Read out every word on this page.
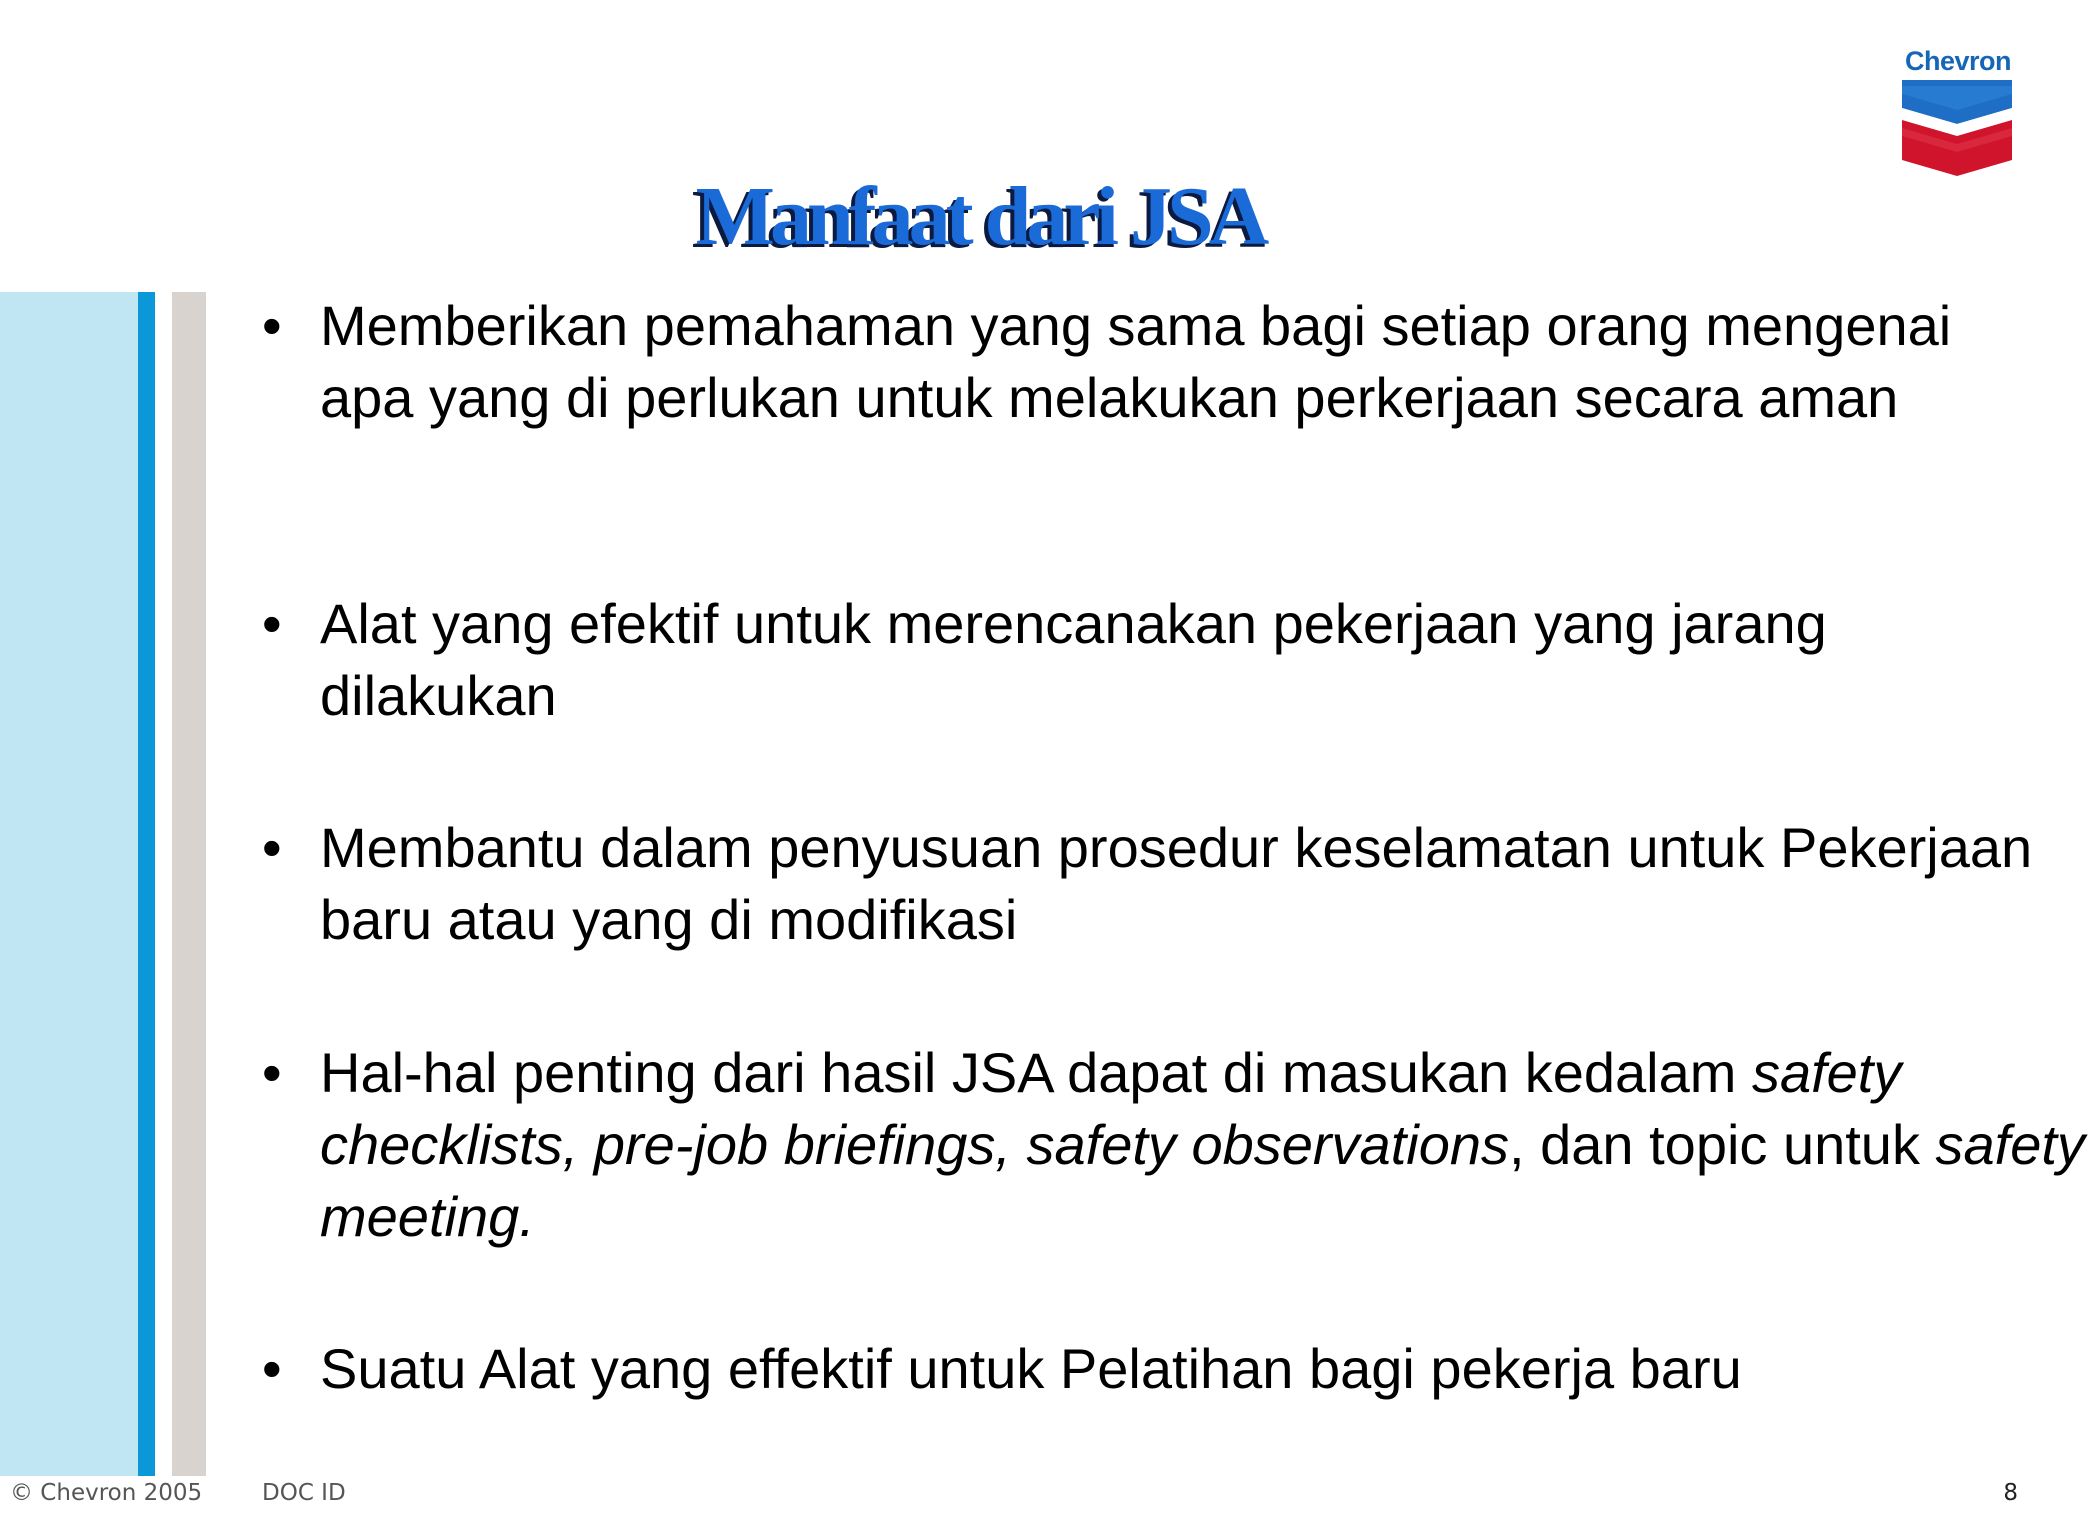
Chevron
Manfaat dari JSA
• Memberikan pemahaman yang sama bagi setiap orang mengenai apa yang di perlukan untuk melakukan perkerjaan secara aman
• Alat yang efektif untuk merencanakan pekerjaan yang jarang dilakukan
• Membantu dalam penyusuan prosedur keselamatan untuk Pekerjaan baru atau yang di modifikasi
• Hal-hal penting dari hasil JSA dapat di masukan kedalam safety checklists, pre-job briefings, safety observations, dan topic untuk safety meeting.
• Suatu Alat yang effektif untuk Pelatihan bagi pekerja baru
© Chevron 2005	DOC ID	8
